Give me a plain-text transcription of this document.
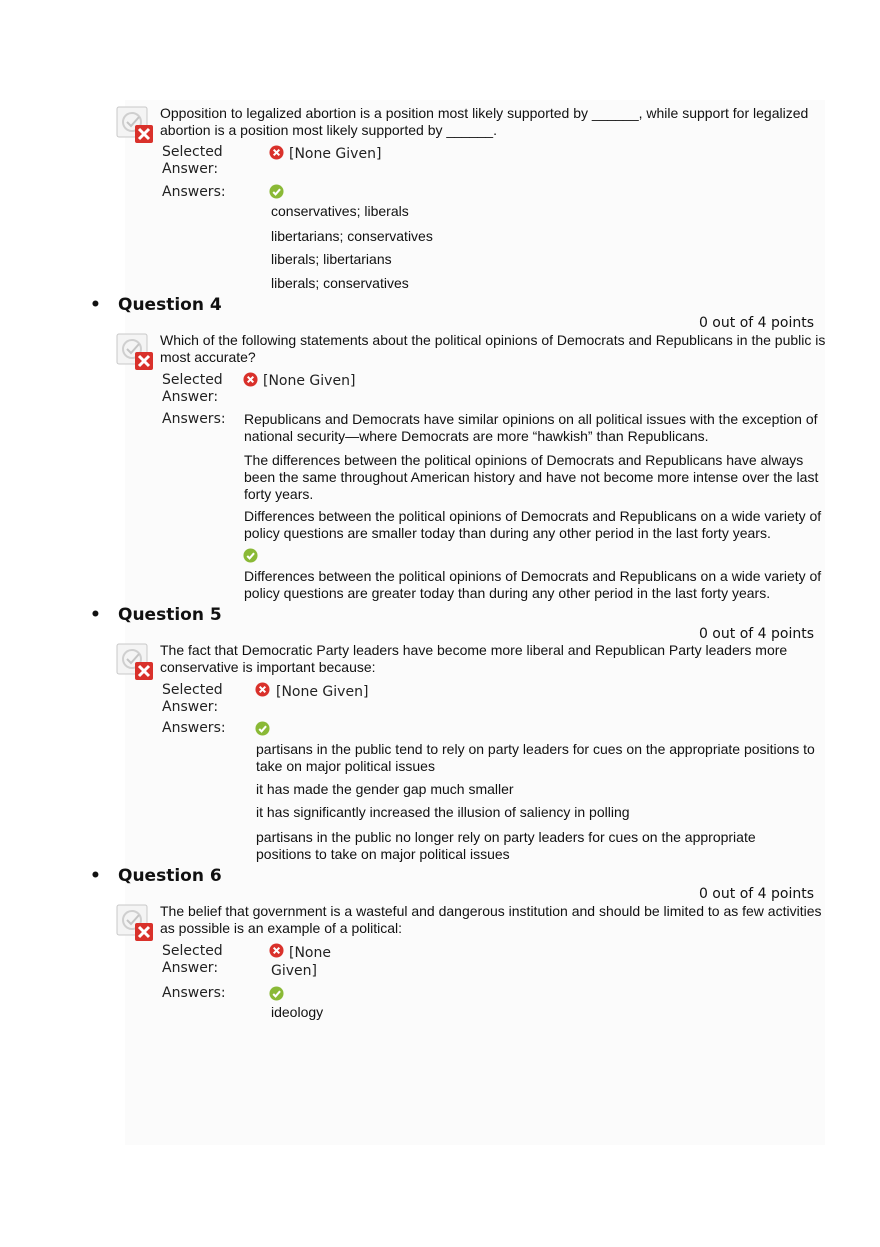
Opposition to legalized abortion is a position most likely supported by ______, while support for legalized abortion is a position most likely supported by ______.
Selected
Answer:
[None Given]
Answers:
conservatives; liberals
libertarians; conservatives
liberals; libertarians
liberals; conservatives
• Question 4
0 out of 4 points
Which of the following statements about the political opinions of Democrats and Republicans in the public is most accurate?
Selected
Answer:
[None Given]
Answers: Republicans and Democrats have similar opinions on all political issues with the exception of national security—where Democrats are more “hawkish” than Republicans.
The differences between the political opinions of Democrats and Republicans have always been the same throughout American history and have not become more intense over the last forty years.
Differences between the political opinions of Democrats and Republicans on a wide variety of policy questions are smaller today than during any other period in the last forty years.
Differences between the political opinions of Democrats and Republicans on a wide variety of policy questions are greater today than during any other period in the last forty years.
• Question 5
0 out of 4 points
The fact that Democratic Party leaders have become more liberal and Republican Party leaders more conservative is important because:
Selected
Answer:
[None Given]
Answers:
partisans in the public tend to rely on party leaders for cues on the appropriate positions to take on major political issues
it has made the gender gap much smaller
it has significantly increased the illusion of saliency in polling
partisans in the public no longer rely on party leaders for cues on the appropriate positions to take on major political issues
• Question 6
0 out of 4 points
The belief that government is a wasteful and dangerous institution and should be limited to as few activities as possible is an example of a political:
Selected
Answer:
[None
Given]
Answers:
ideology
